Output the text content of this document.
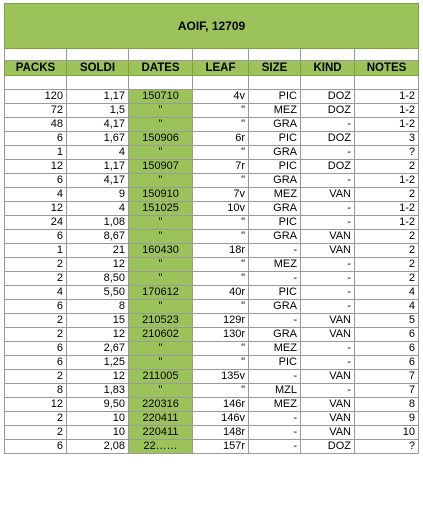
AOIF, 12709						

PACKS	SOLDI	DATES	LEAF	SIZE	KIND	NOTES

120	1,17	150710	4v	PIC	DOZ	1-2
72	1,5	"	"	MEZ	DOZ	1-2
48	4,17	"	"	GRA	-	1-2
6	1,67	150906	6r	PIC	DOZ	3
1	4	"	"	GRA	-	?
12	1,17	150907	7r	PIC	DOZ	2
6	4,17	"	"	GRA	-	1-2
4	9	150910	7v	MEZ	VAN	2
12	4	151025	10v	GRA	-	1-2
24	1,08	"	"	PIC	-	1-2
6	8,67	"	"	GRA	VAN	2
1	21	160430	18r	-	VAN	2
2	12	"	"	MEZ	-	2
2	8,50	"	"	-	-	2
4	5,50	170612	40r	PIC	-	4
6	8	"	"	GRA	-	4
2	15	210523	129r	-	VAN	5
2	12	210602	130r	GRA	VAN	6
6	2,67	"	"	MEZ	-	6
6	1,25	"	"	PIC	-	6
2	12	211005	135v	-	VAN	7
8	1,83	"	"	MZL	-	7
12	9,50	220316	146r	MEZ	VAN	8
2	10	220411	146v	-	VAN	9
2	10	220411	148r	-	VAN	10
6	2,08	22……	157r	-	DOZ	?
